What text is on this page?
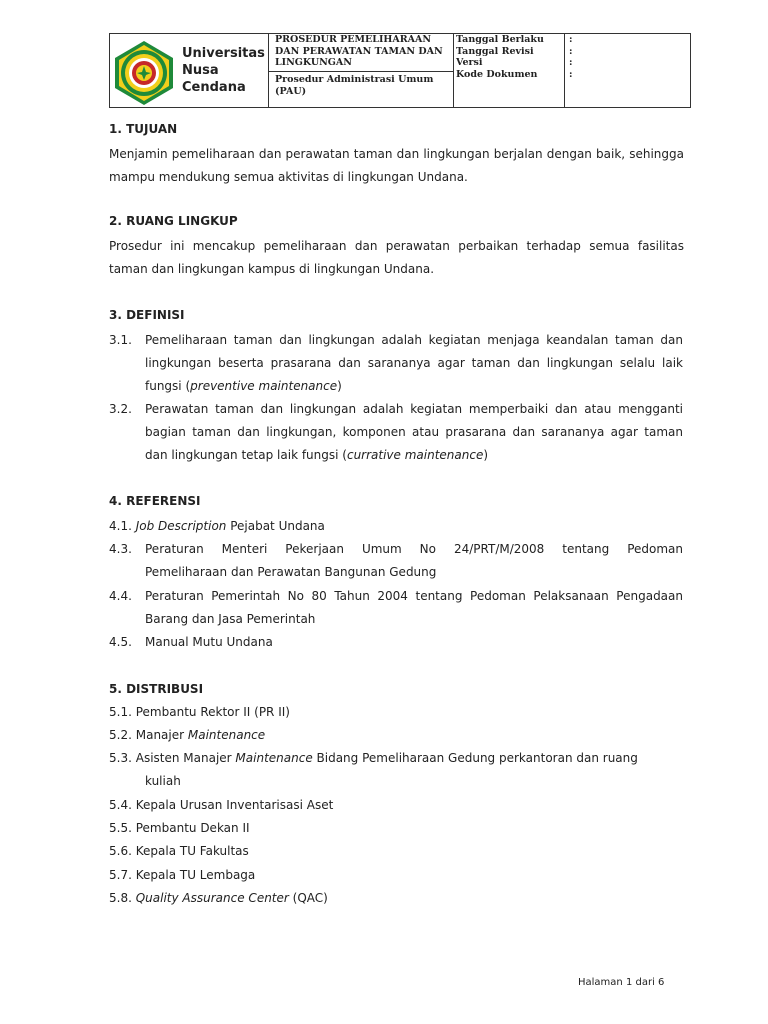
Universitas
Nusa
Cendana
PROSEDUR PEMELIHARAAN
DAN PERAWATAN TAMAN DAN
LINGKUNGAN
Prosedur Administrasi Umum
(PAU)
Tanggal Berlaku
Tanggal Revisi
Versi
Kode Dokumen
:
:
:
:
1. TUJUAN
Menjamin pemeliharaan dan perawatan taman dan lingkungan berjalan dengan baik, sehingga mampu mendukung semua aktivitas di lingkungan Undana.
2. RUANG LINGKUP
Prosedur ini mencakup pemeliharaan dan perawatan perbaikan terhadap semua fasilitas taman dan lingkungan kampus di lingkungan Undana.
3. DEFINISI
3.1. Pemeliharaan taman dan lingkungan adalah kegiatan menjaga keandalan taman dan lingkungan beserta prasarana dan sarananya agar taman dan lingkungan selalu laik fungsi (preventive maintenance)
3.2. Perawatan taman dan lingkungan adalah kegiatan memperbaiki dan atau mengganti bagian taman dan lingkungan, komponen atau prasarana dan sarananya agar taman dan lingkungan tetap laik fungsi (currative maintenance)
4. REFERENSI
4.1. Job Description Pejabat Undana
4.3. Peraturan Menteri Pekerjaan Umum No 24/PRT/M/2008 tentang Pedoman
Pemeliharaan dan Perawatan Bangunan Gedung
4.4. Peraturan Pemerintah No 80 Tahun 2004 tentang Pedoman Pelaksanaan Pengadaan
Barang dan Jasa Pemerintah
4.5. Manual Mutu Undana
5. DISTRIBUSI
5.1. Pembantu Rektor II (PR II)
5.2. Manajer Maintenance
5.3. Asisten Manajer Maintenance Bidang Pemeliharaan Gedung perkantoran dan ruang
kuliah
5.4. Kepala Urusan Inventarisasi Aset
5.5. Pembantu Dekan II
5.6. Kepala TU Fakultas
5.7. Kepala TU Lembaga
5.8. Quality Assurance Center (QAC)
Halaman 1 dari 6
